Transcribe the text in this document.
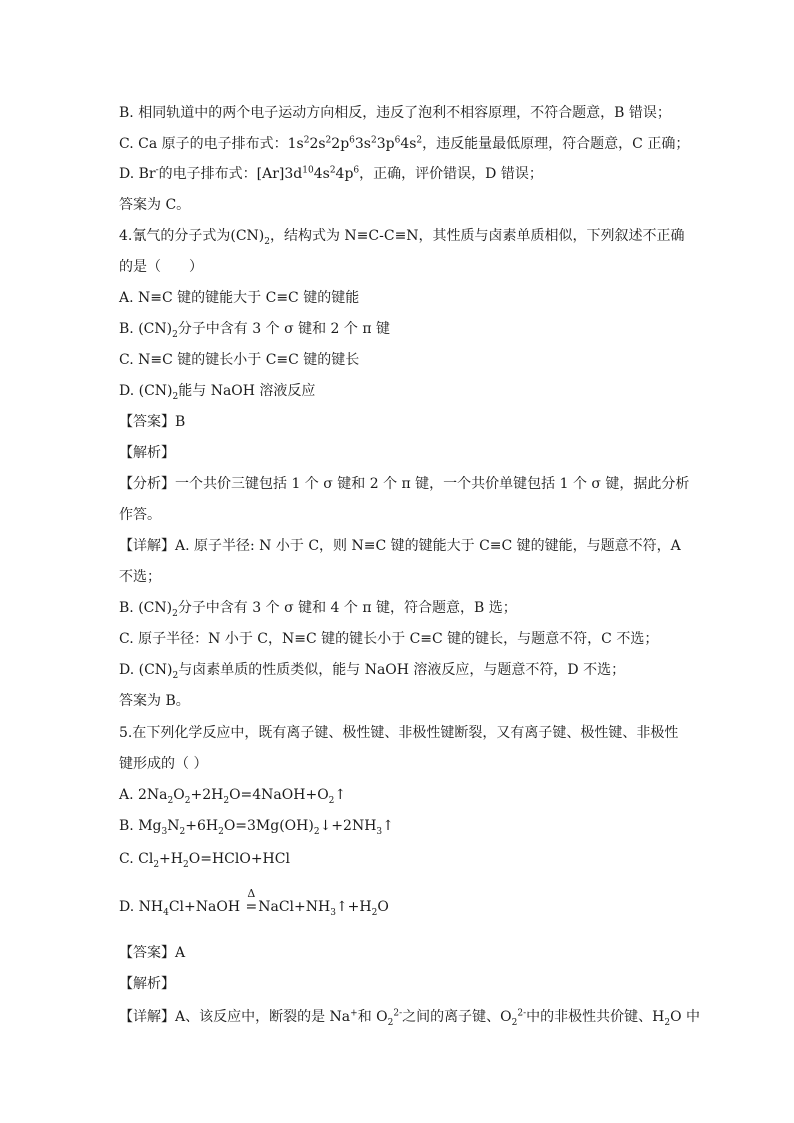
B. 相同轨道中的两个电子运动方向相反，违反了泡利不相容原理，不符合题意，B 错误；
C. Ca 原子的电子排布式：$1s^22s^22p^63s^23p^64s^2$，违反能量最低原理，符合题意，C 正确；
D. Br-的电子排布式：$[Ar]3d^{10}4s^24p^6$，正确，评价错误，D 错误；
答案为 C。
4.氰气的分子式为$(CN)_2$，结构式为 N≡C-C≡N，其性质与卤素单质相似，下列叙述不正确
的是（　　）
A. N≡C 键的键能大于 C≡C 键的键能
B. $(CN)_2$分子中含有 3 个 σ 键和 2 个 π 键
C. N≡C 键的键长小于 C≡C 键的键长
D. $(CN)_2$能与 NaOH 溶液反应
【答案】B
【解析】
【分析】一个共价三键包括 1 个 σ 键和 2 个 π 键，一个共价单键包括 1 个 σ 键，据此分析
作答。
【详解】A. 原子半径: N 小于 C，则 N≡C 键的键能大于 C≡C 键的键能，与题意不符，A
不选；
B. $(CN)_2$分子中含有 3 个 σ 键和 4 个 π 键，符合题意，B 选；
C. 原子半径：N 小于 C，N≡C 键的键长小于 C≡C 键的键长，与题意不符，C 不选；
D. $(CN)_2$与卤素单质的性质类似，能与 NaOH 溶液反应，与题意不符，D 不选；
答案为 B。
5.在下列化学反应中，既有离子键、极性键、非极性键断裂，又有离子键、极性键、非极性
键形成的（ ）
A. $2Na_2O_2+2H_2O=4NaOH+O_2↑$
B. $Mg_3N_2+6H_2O=3Mg(OH)_2↓+2NH_3↑$
C. $Cl_2+H_2O=HClO+HCl$
D. $NH_4Cl+NaOH$
Δ
$=NaCl+NH_3↑+H_2O$
【答案】A
【解析】
【详解】A、该反应中，断裂的是 Na+和 $O_2^{2-}$之间的离子键、$O_2^{2-}$中的非极性共价键、$H_2O$ 中
